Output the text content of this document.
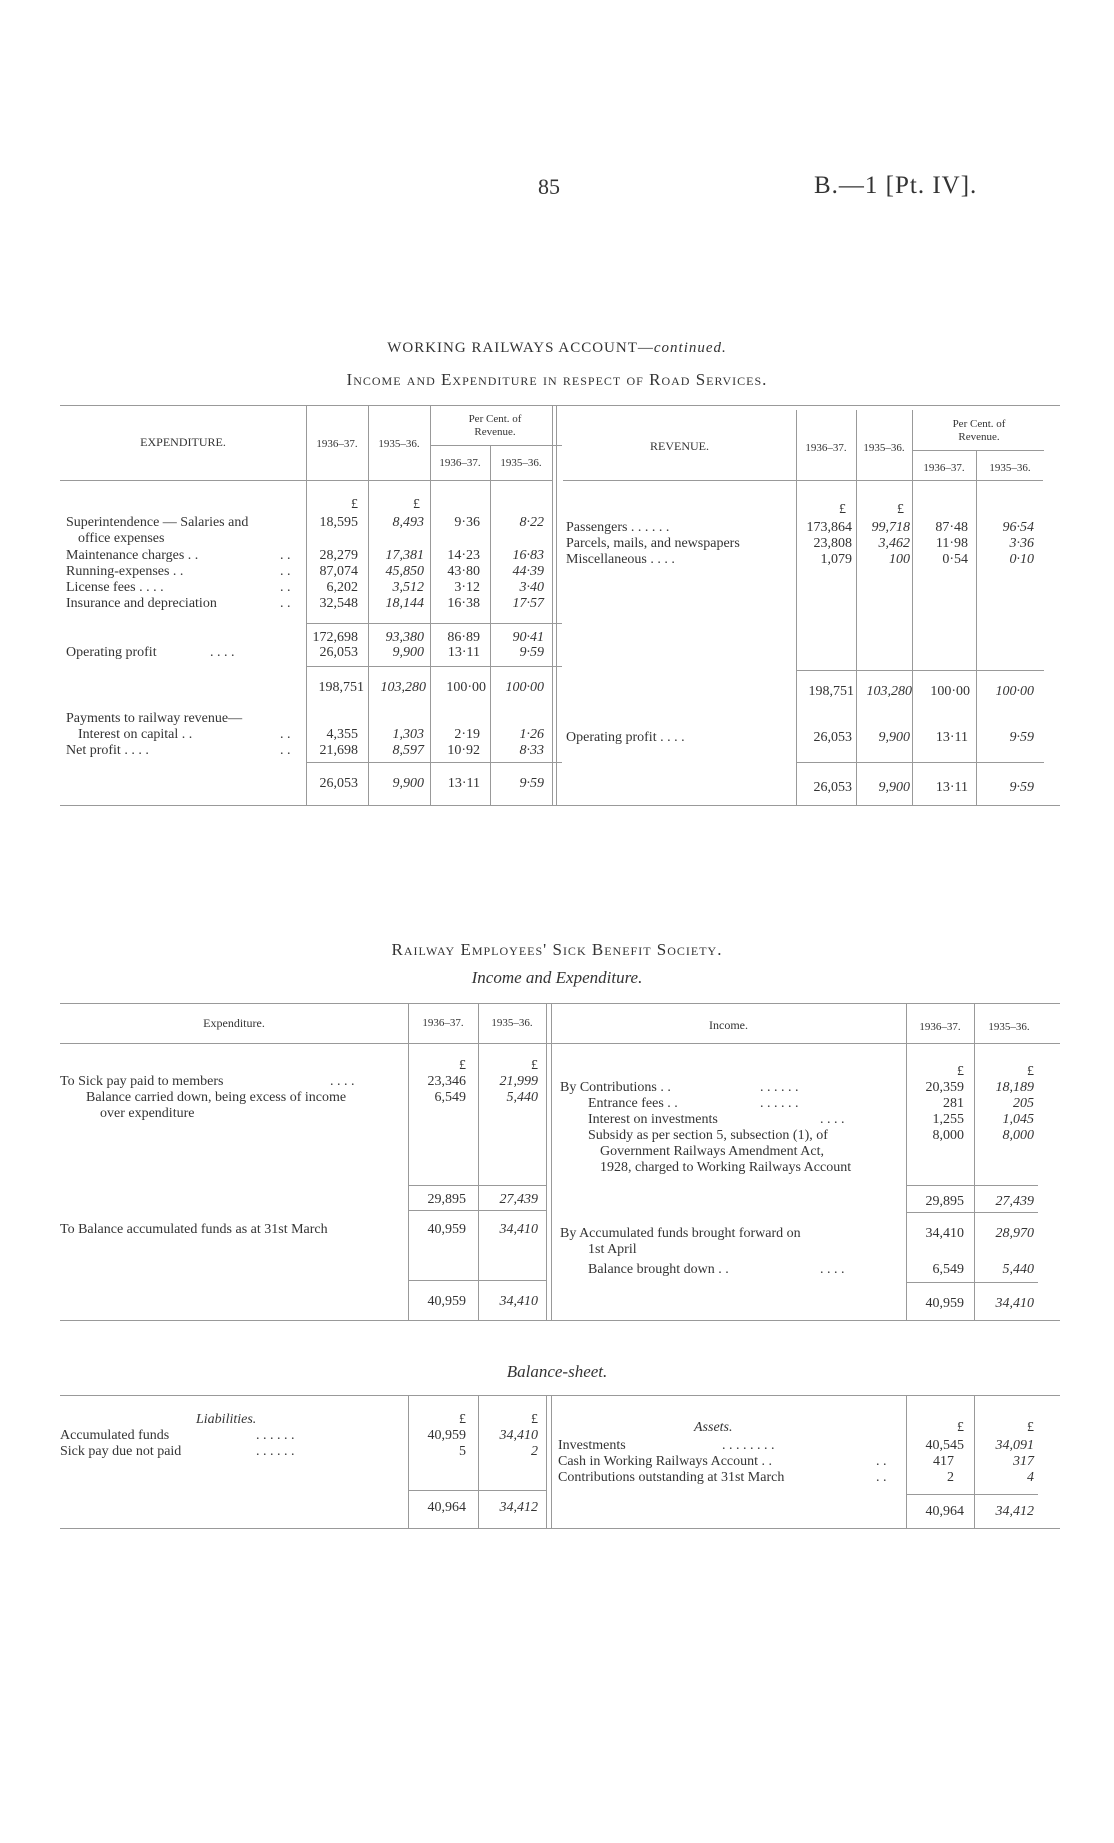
85	B.—1 [Pt. IV].
WORKING RAILWAYS ACCOUNT—continued.
Income and Expenditure in respect of Road Services.
EXPENDITURE.	1936–37.	1935–36.
Per Cent. of Revenue.
1936–37.	1935–36.
REVENUE.	1936–37.	1935–36.
Per Cent. of Revenue.
1936–37.	1935–36.
£	£	£	£
Superintendence — Salaries and
office expenses
18,595	8,493	9·36	8·22
Maintenance charges . .	. .	28,279	17,381	14·23	16·83
Running-expenses . .	. .	87,074	45,850	43·80	44·39
License fees . . . .	. .	6,202	3,512	3·12	3·40
Insurance and depreciation	. .	32,548	18,144	16·38	17·57
172,698	93,380	86·89	90·41
Operating profit	. . . .	26,053	9,900	13·11	9·59
198,751	103,280	100·00	100·00
Payments to railway revenue—
Interest on capital . .	. .	4,355	1,303	2·19	1·26
Net profit . . . .	. .	21,698	8,597	10·92	8·33
26,053	9,900	13·11	9·59
Passengers . . . . . .	173,864	99,718	87·48	96·54
Parcels, mails, and newspapers	23,808	3,462	11·98	3·36
Miscellaneous . . . .	1,079	100	0·54	0·10
198,751 103,280	100·00	100·00
Operating profit . . . .	26,053	9,900	13·11	9·59
26,053	9,900	13·11	9·59
Railway Employees' Sick Benefit Society.
Income and Expenditure.
Expenditure.	1936–37.	1935–36.	Income.	1936–37.	1935–36.
£	£	£	£
To Sick pay paid to members	. . . .	23,346	21,999
Balance carried down, being excess of income
over expenditure
6,549	5,440
29,895	27,439
To Balance accumulated funds as at 31st March	40,959	34,410
40,959	34,410
By Contributions . .	. . . . . .	20,359	18,189
Entrance fees . .	. . . . . .	281	205
Interest on investments	. . . .	1,255	1,045
Subsidy as per section 5, subsection (1), of
Government Railways Amendment Act,
1928, charged to Working Railways Account
8,000	8,000
29,895	27,439
By Accumulated funds brought forward on
1st April
34,410	28,970
Balance brought down . .	. . . .	6,549	5,440
40,959	34,410
Balance-sheet.
Liabilities.
Assets.
£	£
£	£
Accumulated funds	. . . . . .	40,959	34,410
Sick pay due not paid	. . . . . .	5	2
40,964	34,412
Investments	. . . . . . . .	40,545	34,091
Cash in Working Railways Account . .	. .	417	317
Contributions outstanding at 31st March	. .	2	4
40,964	34,412
